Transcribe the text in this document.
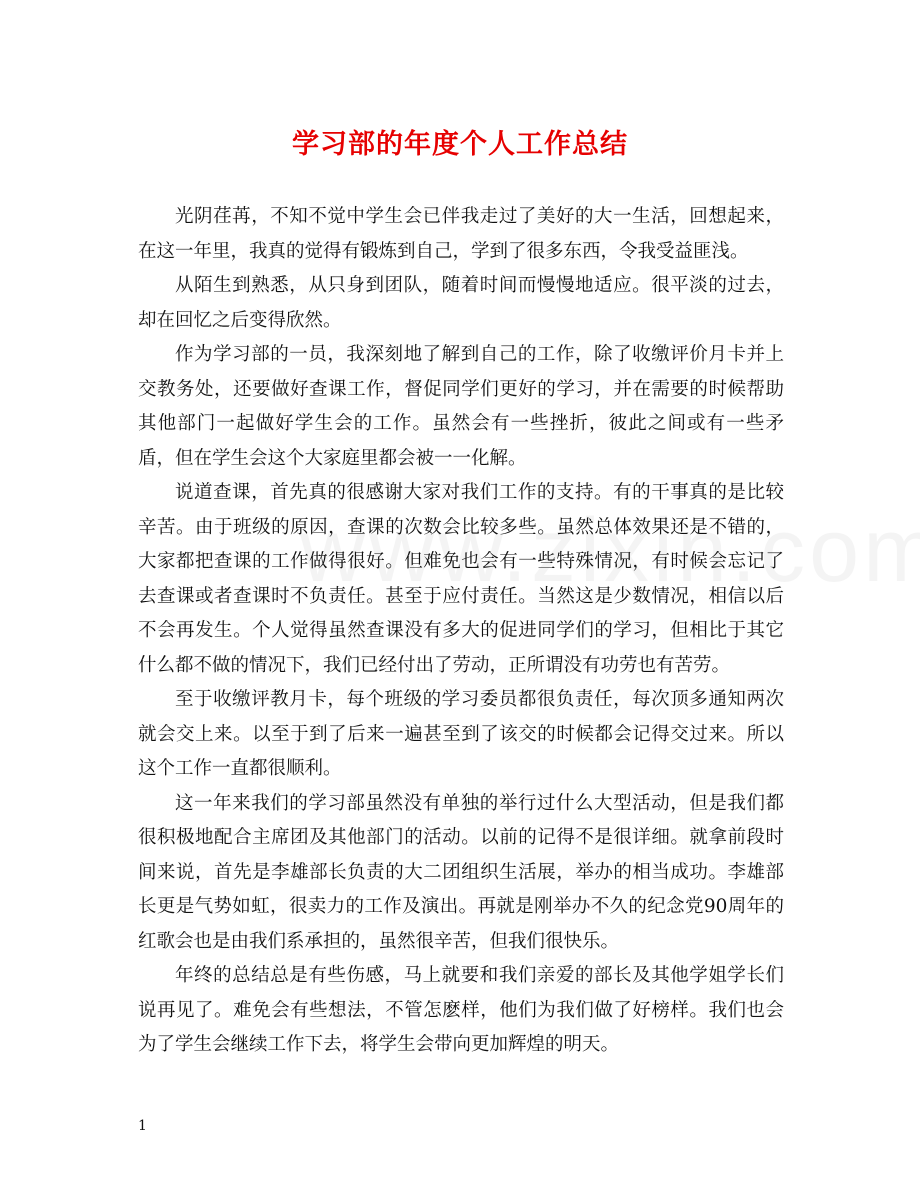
学习部的年度个人工作总结

光阴荏苒，不知不觉中学生会已伴我走过了美好的大一生活，回想起来，在这一年里，我真的觉得有锻炼到自己，学到了很多东西，令我受益匪浅。

从陌生到熟悉，从只身到团队，随着时间而慢慢地适应。很平淡的过去，却在回忆之后变得欣然。

作为学习部的一员，我深刻地了解到自己的工作，除了收缴评价月卡并上交教务处，还要做好查课工作，督促同学们更好的学习，并在需要的时候帮助其他部门一起做好学生会的工作。虽然会有一些挫折，彼此之间或有一些矛盾，但在学生会这个大家庭里都会被一一化解。

说道查课，首先真的很感谢大家对我们工作的支持。有的干事真的是比较辛苦。由于班级的原因，查课的次数会比较多些。虽然总体效果还是不错的，大家都把查课的工作做得很好。但难免也会有一些特殊情况，有时候会忘记了去查课或者查课时不负责任。甚至于应付责任。当然这是少数情况，相信以后不会再发生。个人觉得虽然查课没有多大的促进同学们的学习，但相比于其它什么都不做的情况下，我们已经付出了劳动，正所谓没有功劳也有苦劳。

至于收缴评教月卡，每个班级的学习委员都很负责任，每次顶多通知两次就会交上来。以至于到了后来一遍甚至到了该交的时候都会记得交过来。所以这个工作一直都很顺利。

这一年来我们的学习部虽然没有单独的举行过什么大型活动，但是我们都很积极地配合主席团及其他部门的活动。以前的记得不是很详细。就拿前段时间来说，首先是李雄部长负责的大二团组织生活展，举办的相当成功。李雄部长更是气势如虹，很卖力的工作及演出。再就是刚举办不久的纪念党90周年的红歌会也是由我们系承担的，虽然很辛苦，但我们很快乐。

年终的总结总是有些伤感，马上就要和我们亲爱的部长及其他学姐学长们说再见了。难免会有些想法，不管怎麽样，他们为我们做了好榜样。我们也会为了学生会继续工作下去，将学生会带向更加辉煌的明天。

1
